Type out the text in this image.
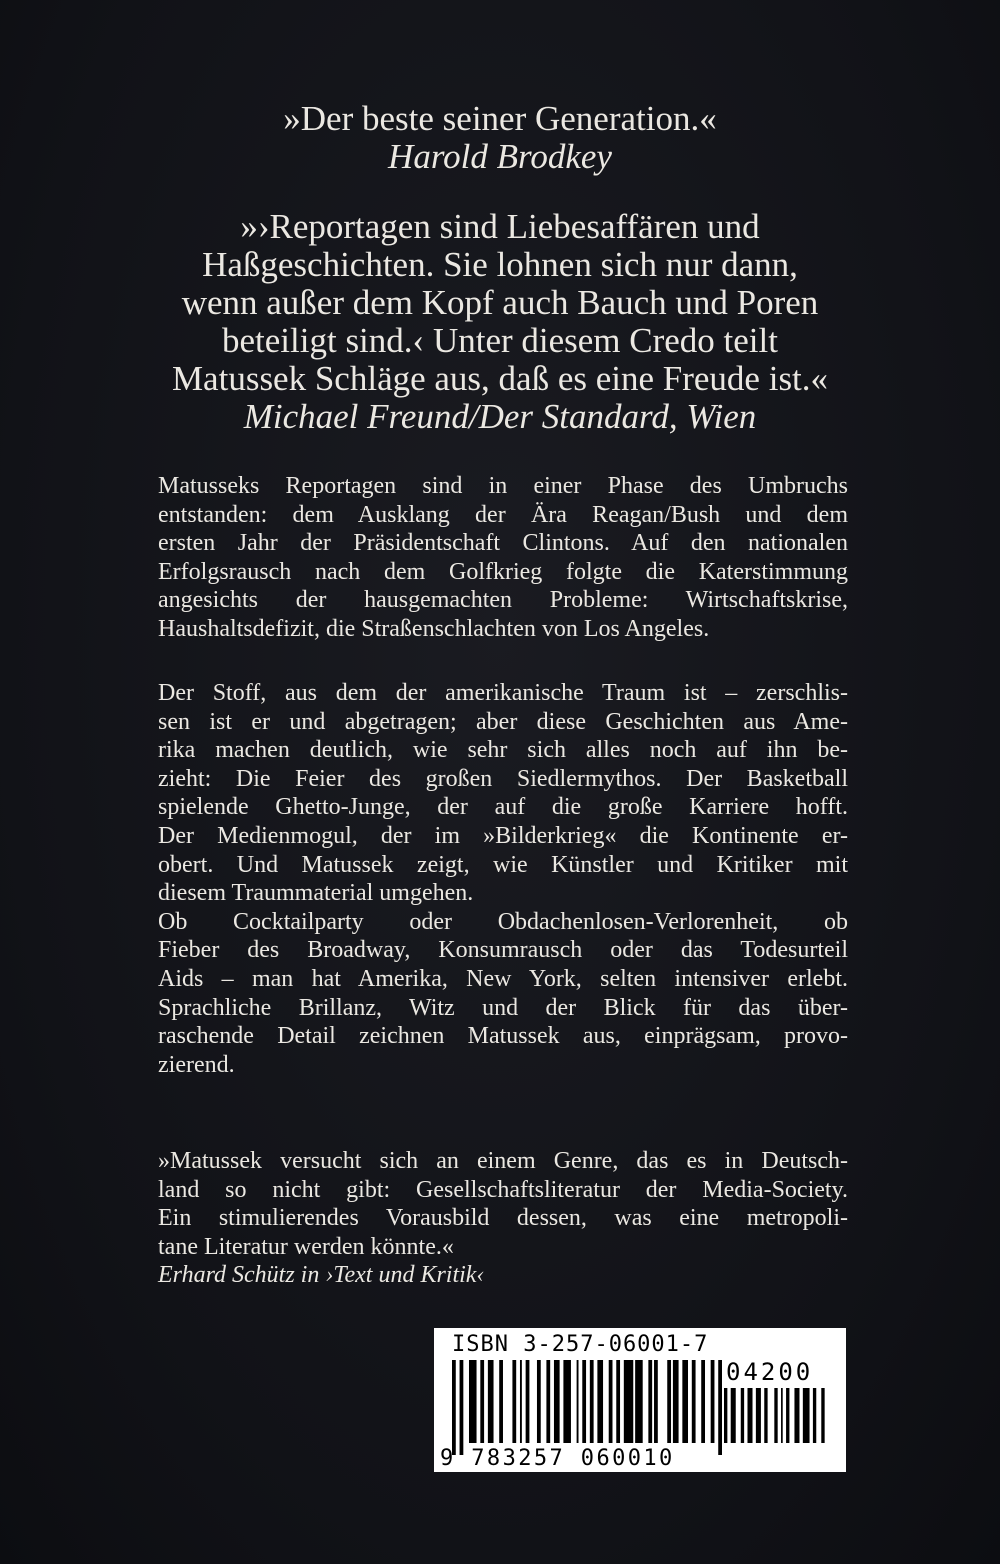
»Der beste seiner Generation.«
Harold Brodkey
»›Reportagen sind Liebesaffären und
Haßgeschichten. Sie lohnen sich nur dann,
wenn außer dem Kopf auch Bauch und Poren
beteiligt sind.‹ Unter diesem Credo teilt
Matussek Schläge aus, daß es eine Freude ist.«
Michael Freund/Der Standard, Wien
Matusseks Reportagen sind in einer Phase des Umbruchs
entstanden: dem Ausklang der Ära Reagan/Bush und dem
ersten Jahr der Präsidentschaft Clintons. Auf den nationalen
Erfolgsrausch nach dem Golfkrieg folgte die Katerstimmung
angesichts der hausgemachten Probleme: Wirtschaftskrise,
Haushaltsdefizit, die Straßenschlachten von Los Angeles.
Der Stoff, aus dem der amerikanische Traum ist – zerschlis-
sen ist er und abgetragen; aber diese Geschichten aus Ame-
rika machen deutlich, wie sehr sich alles noch auf ihn be-
zieht: Die Feier des großen Siedlermythos. Der Basketball
spielende Ghetto-Junge, der auf die große Karriere hofft.
Der Medienmogul, der im »Bilderkrieg« die Kontinente er-
obert. Und Matussek zeigt, wie Künstler und Kritiker mit
diesem Traummaterial umgehen.
Ob Cocktailparty oder Obdachenlosen-Verlorenheit, ob
Fieber des Broadway, Konsumrausch oder das Todesurteil
Aids – man hat Amerika, New York, selten intensiver erlebt.
Sprachliche Brillanz, Witz und der Blick für das über-
raschende Detail zeichnen Matussek aus, einprägsam, provo-
zierend.
»Matussek versucht sich an einem Genre, das es in Deutsch-
land so nicht gibt: Gesellschaftsliteratur der Media-Society.
Ein stimulierendes Vorausbild dessen, was eine metropoli-
tane Literatur werden könnte.«
Erhard Schütz in ›Text und Kritik‹
ISBN 3-257-06001-7
04200
9 783257 060010
